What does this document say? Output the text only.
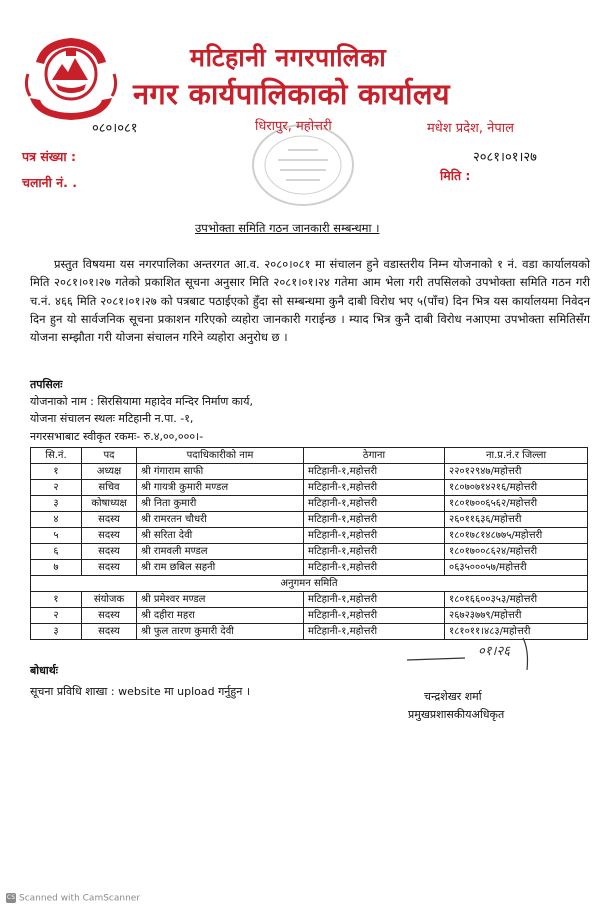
मटिहानी नगरपालिका
नगर कार्यपालिकाको कार्यालय
०८०।०८१	धिरापुर, महोत्तरी	मधेश प्रदेश, नेपाल
पत्र संख्या :
चलानी नं. .
२०८१।०१।२७
मिति :
उपभोक्ता समिति गठन जानकारी सम्बन्धमा ।
प्रस्तुत विषयमा यस नगरपालिका अन्तरगत आ.व. २०८०।०८१ मा संचालन हुने वडास्तरीय निम्न योजनाको १ नं. वडा कार्यालयको मिति २०८१।०१।२७ गतेको प्रकाशित सूचना अनुसार मिति २०८१।०१।२४ गतेमा आम भेला गरी तपसिलको उपभोक्ता समिति गठन गरी च.नं. ४६६ मिति २०८१।०१।२७ को पत्रबाट पठाईएको हुँदा सो सम्बन्धमा कुनै दाबी विरोध भए ५(पाँच) दिन भित्र यस कार्यालयमा निवेदन दिन हुन यो सार्वजनिक सूचना प्रकाशन गरिएको व्यहोरा जानकारी गराईन्छ । म्याद भित्र कुनै दाबी विरोध नआएमा उपभोक्ता समितिसँग योजना सम्झौता गरी योजना संचालन गरिने व्यहोरा अनुरोध छ ।
तपसिलः
योजनाको नाम : सिरसियामा महादेव मन्दिर निर्माण कार्य,
योजना संचालन स्थलः मटिहानी न.पा. -१,
नगरसभाबाट स्वीकृत रकमः- रु.४,००,०००।-
सि.नं.	पद	पदाधिकारीको नाम	ठेगाना	ना.प्र.नं.र जिल्ला
१	अध्यक्ष	श्री गंगाराम साफी	मटिहानी-१,महोत्तरी	२२०१२९४७/महोत्तरी
२	सचिव	श्री गायत्री कुमारी मण्डल	मटिहानी-१,महोत्तरी	१८०७०७१४२१६/महोत्तरी
३	कोषाध्यक्ष	श्री निता कुमारी	मटिहानी-१,महोत्तरी	१८०१७००६५६२/महोत्तरी
४	सदस्य	श्री रामरतन चौधरी	मटिहानी-१,महोत्तरी	२६०११६३६/महोत्तरी
५	सदस्य	श्री सरिता देवी	मटिहानी-१,महोत्तरी	१८०१७८१४८७७५/महोत्तरी
६	सदस्य	श्री रामवली मण्डल	मटिहानी-१,महोत्तरी	१८०१७००८६२४/महोत्तरी
७	सदस्य	श्री राम छबिल सहनी	मटिहानी-१,महोत्तरी	०६३५०००५७/महोत्तरी
अनुगमन समिति				
१	संयोजक	श्री प्रमेश्वर मण्डल	मटिहानी-१,महोत्तरी	१८०१६६००३५३/महोत्तरी
२	सदस्य	श्री दहीरा महरा	मटिहानी-१,महोत्तरी	२६७२३७७९/महोत्तरी
३	सदस्य	श्री फुल तारण कुमारी देवी	मटिहानी-१,महोत्तरी	१८१०११।४८३/महोत्तरी
बोधार्थः
सूचना प्रविधि शाखा : website मा upload गर्नुहुन ।
०१।२६
चन्द्रशेखर शर्मा
प्रमुखप्रशासकीयअधिकृत
CS Scanned with CamScanner
